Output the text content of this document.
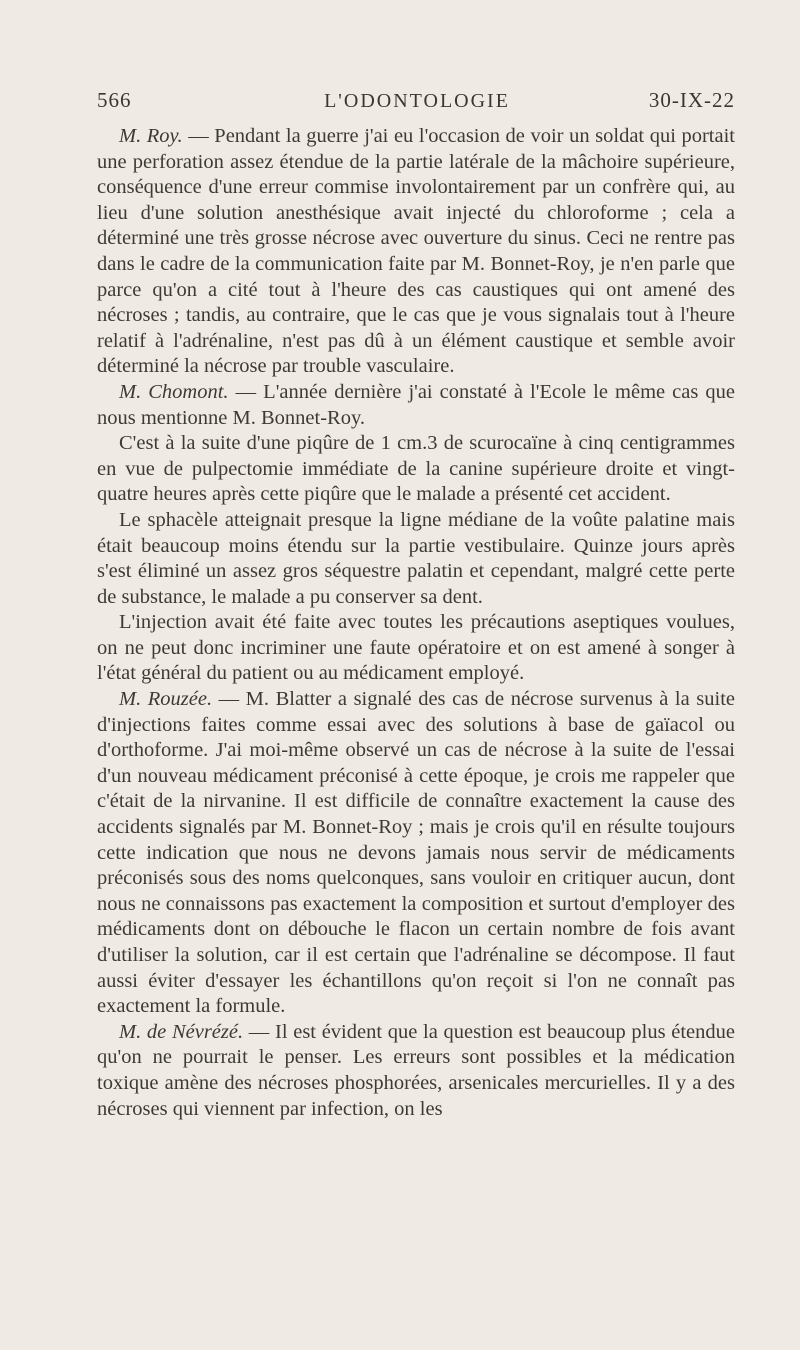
566	L'ODONTOLOGIE	30-IX-22

M. Roy. — Pendant la guerre j'ai eu l'occasion de voir un soldat qui portait une perforation assez étendue de la partie latérale de la mâchoire supérieure, conséquence d'une erreur commise involontairement par un confrère qui, au lieu d'une solution anesthésique avait injecté du chloroforme ; cela a déterminé une très grosse nécrose avec ouverture du sinus. Ceci ne rentre pas dans le cadre de la communication faite par M. Bonnet-Roy, je n'en parle que parce qu'on a cité tout à l'heure des cas caustiques qui ont amené des nécroses ; tandis, au contraire, que le cas que je vous signalais tout à l'heure relatif à l'adrénaline, n'est pas dû à un élément caustique et semble avoir déterminé la nécrose par trouble vasculaire.

M. Chomont. — L'année dernière j'ai constaté à l'Ecole le même cas que nous mentionne M. Bonnet-Roy.

C'est à la suite d'une piqûre de 1 cm.3 de scurocaïne à cinq centigrammes en vue de pulpectomie immédiate de la canine supérieure droite et vingt-quatre heures après cette piqûre que le malade a présenté cet accident.

Le sphacèle atteignait presque la ligne médiane de la voûte palatine mais était beaucoup moins étendu sur la partie vestibulaire. Quinze jours après s'est éliminé un assez gros séquestre palatin et cependant, malgré cette perte de substance, le malade a pu conserver sa dent.

L'injection avait été faite avec toutes les précautions aseptiques voulues, on ne peut donc incriminer une faute opératoire et on est amené à songer à l'état général du patient ou au médicament employé.

M. Rouzée. — M. Blatter a signalé des cas de nécrose survenus à la suite d'injections faites comme essai avec des solutions à base de gaïacol ou d'orthoforme. J'ai moi-même observé un cas de nécrose à la suite de l'essai d'un nouveau médicament préconisé à cette époque, je crois me rappeler que c'était de la nirvanine. Il est difficile de connaître exactement la cause des accidents signalés par M. Bonnet-Roy ; mais je crois qu'il en résulte toujours cette indication que nous ne devons jamais nous servir de médicaments préconisés sous des noms quelconques, sans vouloir en critiquer aucun, dont nous ne connaissons pas exactement la composition et surtout d'employer des médicaments dont on débouche le flacon un certain nombre de fois avant d'utiliser la solution, car il est certain que l'adrénaline se décompose. Il faut aussi éviter d'essayer les échantillons qu'on reçoit si l'on ne connaît pas exactement la formule.

M. de Névrézé. — Il est évident que la question est beaucoup plus étendue qu'on ne pourrait le penser. Les erreurs sont possibles et la médication toxique amène des nécroses phosphorées, arsenicales mercurielles. Il y a des nécroses qui viennent par infection, on les
